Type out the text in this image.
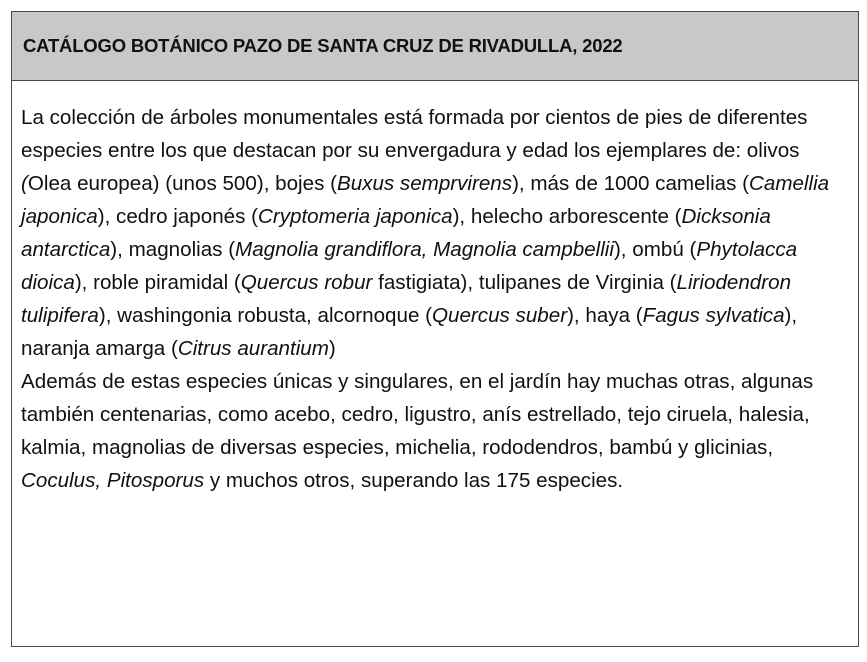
CATÁLOGO BOTÁNICO PAZO DE SANTA CRUZ DE RIVADULLA, 2022

La colección de árboles monumentales está formada por cientos de pies de diferentes especies entre los que destacan por su envergadura y edad los ejemplares de: olivos (Olea europea) (unos 500), bojes (Buxus semprvirens), más de 1000 camelias (Camellia japonica), cedro japonés (Cryptomeria japonica), helecho arborescente (Dicksonia antarctica), magnolias (Magnolia grandiflora, Magnolia campbellii), ombú (Phytolacca dioica), roble piramidal (Quercus robur fastigiata), tulipanes de Virginia (Liriodendron tulipifera), washingonia robusta, alcornoque (Quercus suber), haya (Fagus sylvatica), naranja amarga (Citrus aurantium)

Además de estas especies únicas y singulares, en el jardín hay muchas otras, algunas también centenarias, como acebo, cedro, ligustro, anís estrellado, tejo ciruela, halesia, kalmia, magnolias de diversas especies, michelia, rododendros, bambú y glicinias, Coculus, Pitosporus y muchos otros, superando las 175 especies.
